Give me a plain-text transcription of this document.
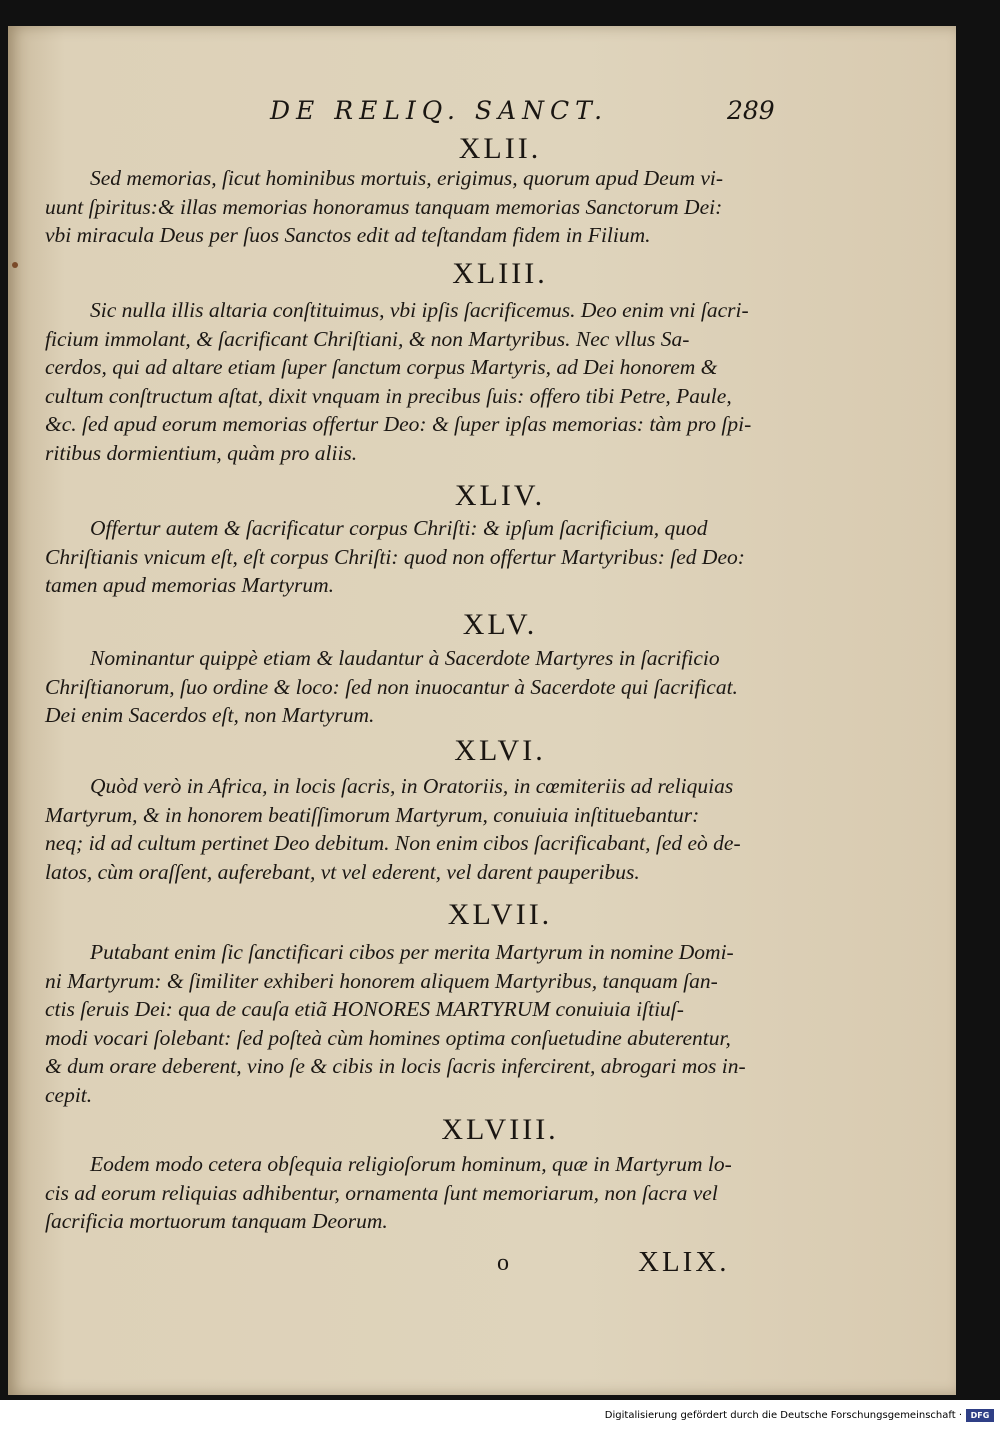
DE RELIQ. SANCT.	289
XLII.
Sed memorias, ſicut hominibus mortuis, erigimus, quorum apud Deum vi-
uunt ſpiritus:& illas memorias honoramus tanquam memorias Sanctorum Dei:
vbi miracula Deus per ſuos Sanctos edit ad teſtandam fidem in Filium.
XLIII.
Sic nulla illis altaria conſtituimus, vbi ipſis ſacrificemus. Deo enim vni ſacri-
ficium immolant, & ſacrificant Chriſtiani, & non Martyribus. Nec vllus Sa-
cerdos, qui ad altare etiam ſuper ſanctum corpus Martyris, ad Dei honorem &
cultum conſtructum aſtat, dixit vnquam in precibus ſuis: offero tibi Petre, Paule,
&c. ſed apud eorum memorias offertur Deo: & ſuper ipſas memorias: tàm pro ſpi-
ritibus dormientium, quàm pro aliis.
XLIV.
Offertur autem & ſacrificatur corpus Chriſti: & ipſum ſacrificium, quod
Chriſtianis vnicum eſt, eſt corpus Chriſti: quod non offertur Martyribus: ſed Deo:
tamen apud memorias Martyrum.
XLV.
Nominantur quippè etiam & laudantur à Sacerdote Martyres in ſacrificio
Chriſtianorum, ſuo ordine & loco: ſed non inuocantur à Sacerdote qui ſacrificat.
Dei enim Sacerdos eſt, non Martyrum.
XLVI.
Quòd verò in Africa, in locis ſacris, in Oratoriis, in cœmiteriis ad reliquias
Martyrum, & in honorem beatiſſimorum Martyrum, conuiuia inſtituebantur:
neq; id ad cultum pertinet Deo debitum. Non enim cibos ſacrificabant, ſed eò de-
latos, cùm oraſſent, auferebant, vt vel ederent, vel darent pauperibus.
XLVII.
Putabant enim ſic ſanctificari cibos per merita Martyrum in nomine Domi-
ni Martyrum: & ſimiliter exhiberi honorem aliquem Martyribus, tanquam ſan-
ctis ſeruis Dei: qua de cauſa etiã HONORES MARTYRUM conuiuia iſtiuſ-
modi vocari ſolebant: ſed poſteà cùm homines optima conſuetudine abuterentur,
& dum orare deberent, vino ſe & cibis in locis ſacris infercirent, abrogari mos in-
cepit.
XLVIII.
Eodem modo cetera obſequia religioſorum hominum, quæ in Martyrum lo-
cis ad eorum reliquias adhibentur, ornamenta ſunt memoriarum, non ſacra vel
ſacrificia mortuorum tanquam Deorum.
o	XLIX.
Digitalisierung gefördert durch die Deutsche Forschungsgemeinschaft ·	DFG
